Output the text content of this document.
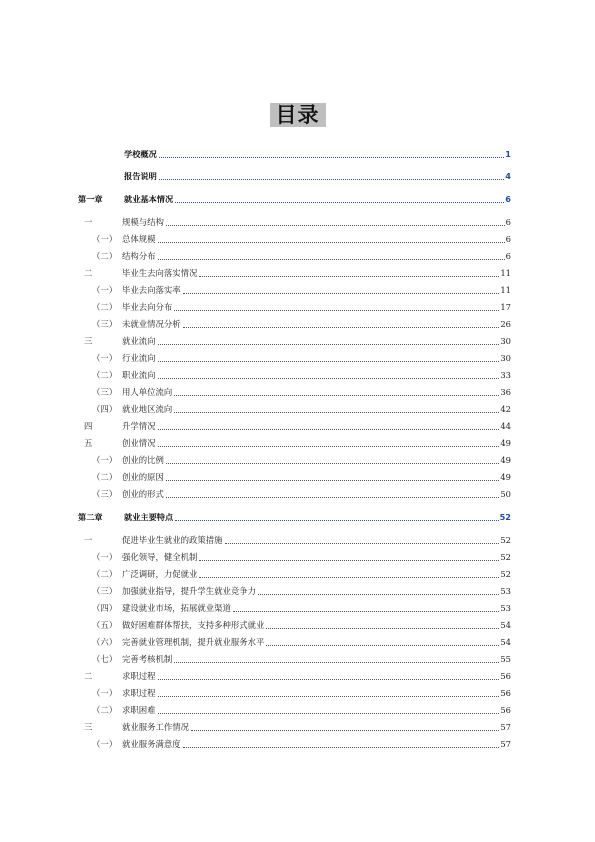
目录
学校概况	1
报告说明	4
第一章	就业基本情况	6
一	规模与结构	6
（一） 总体规模	6
（二） 结构分布	6
二	毕业生去向落实情况	11
（一） 毕业去向落实率	11
（二） 毕业去向分布	17
（三） 未就业情况分析	26
三	就业流向	30
（一） 行业流向	30
（二） 职业流向	33
（三） 用人单位流向	36
（四） 就业地区流向	42
四	升学情况	44
五	创业情况	49
（一） 创业的比例	49
（二） 创业的原因	49
（三） 创业的形式	50
第二章	就业主要特点	52
一	促进毕业生就业的政策措施	52
（一） 强化领导，健全机制	52
（二） 广泛调研，力促就业	52
（三） 加强就业指导，提升学生就业竞争力	53
（四） 建设就业市场，拓展就业渠道	53
（五） 做好困难群体帮扶，支持多种形式就业	54
（六） 完善就业管理机制，提升就业服务水平	54
（七） 完善考核机制	55
二	求职过程	56
（一） 求职过程	56
（二） 求职困难	56
三	就业服务工作情况	57
（一） 就业服务满意度	57
